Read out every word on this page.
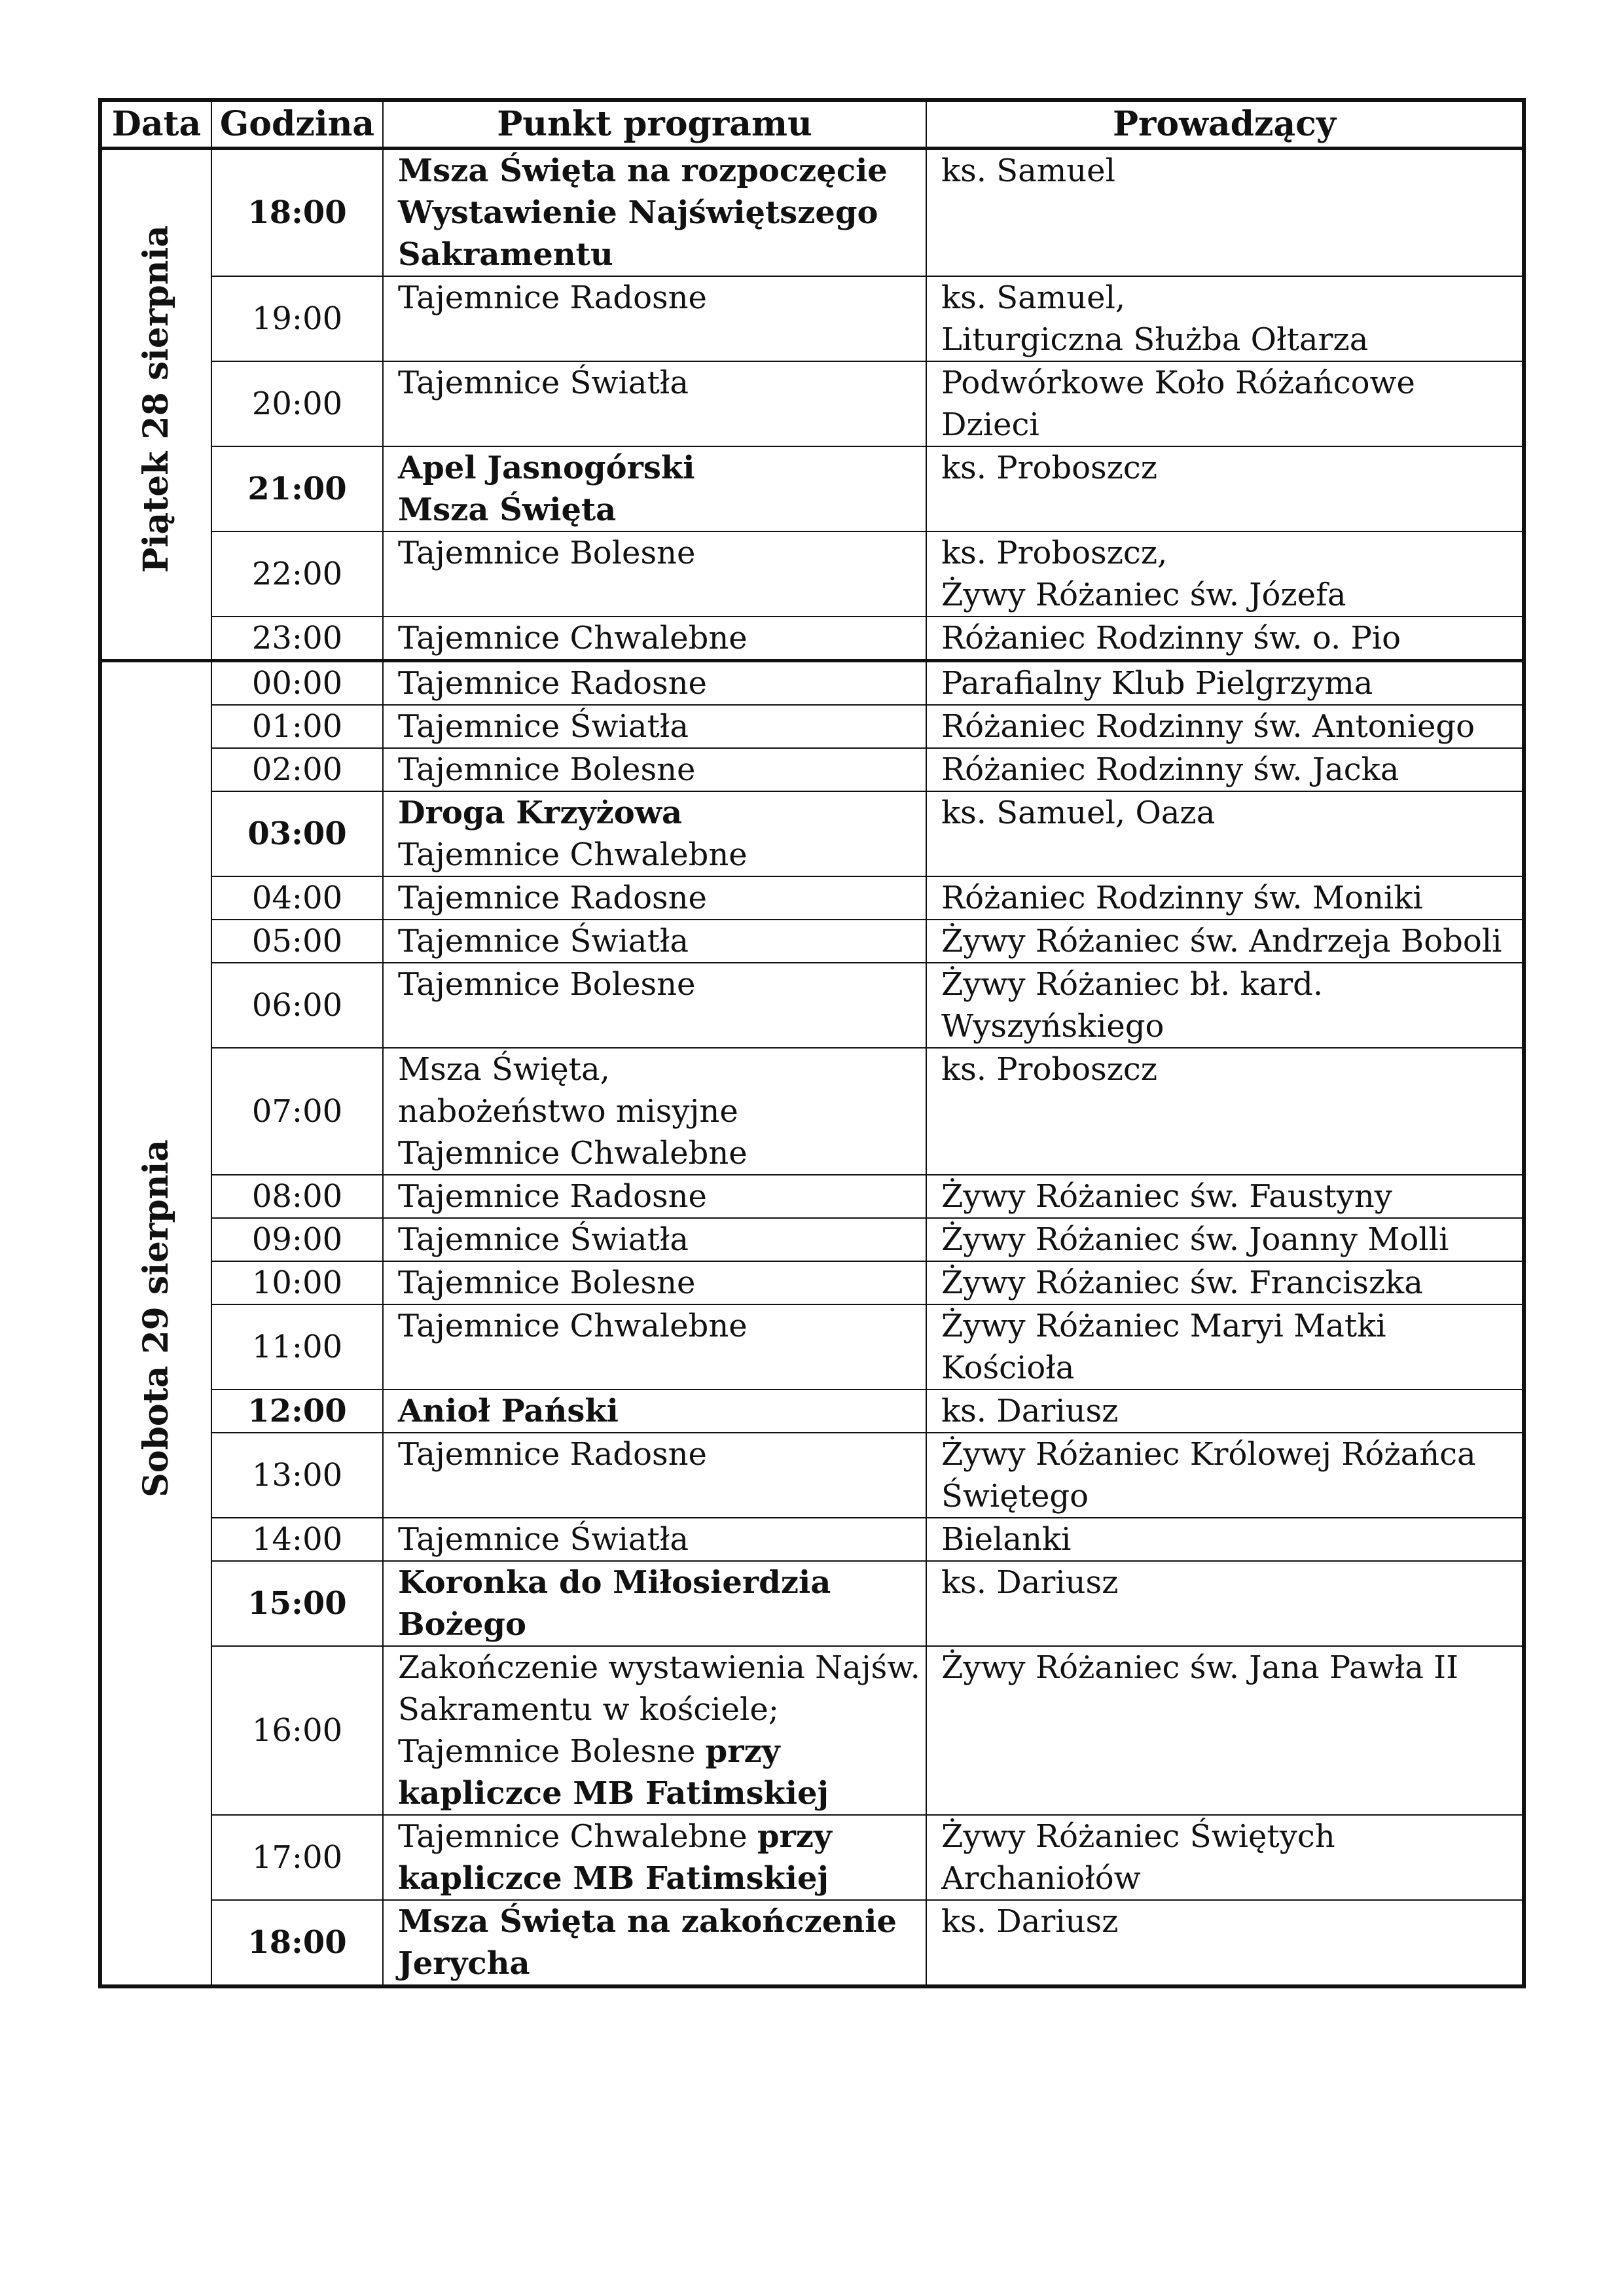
Data	Godzina	Punkt programu	Prowadzący
Piątek 28 sierpnia	18:00	Msza Święta na rozpoczęcie
Wystawienie Najświętszego
Sakramentu	ks. Samuel

	19:00	Tajemnice Radosne	ks. Samuel,
Liturgiczna Służba Ołtarza

	20:00	Tajemnice Światła	Podwórkowe Koło Różańcowe Dzieci

	21:00	Apel Jasnogórski
Msza Święta	ks. Proboszcz

	22:00	Tajemnice Bolesne	ks. Proboszcz,
Żywy Różaniec św. Józefa

	23:00	Tajemnice Chwalebne	Różaniec Rodzinny św. o. Pio

Sobota 29 sierpnia	00:00	Tajemnice Radosne	Parafialny Klub Pielgrzyma

	01:00	Tajemnice Światła	Różaniec Rodzinny św. Antoniego

	02:00	Tajemnice Bolesne	Różaniec Rodzinny św. Jacka

	03:00	Droga Krzyżowa
Tajemnice Chwalebne	ks. Samuel, Oaza

	04:00	Tajemnice Radosne	Różaniec Rodzinny św. Moniki

	05:00	Tajemnice Światła	Żywy Różaniec św. Andrzeja Boboli

	06:00	Tajemnice Bolesne	Żywy Różaniec bł. kard.
Wyszyńskiego

	07:00	Msza Święta,
nabożeństwo misyjne
Tajemnice Chwalebne	ks. Proboszcz

	08:00	Tajemnice Radosne	Żywy Różaniec św. Faustyny

	09:00	Tajemnice Światła	Żywy Różaniec św. Joanny Molli

	10:00	Tajemnice Bolesne	Żywy Różaniec św. Franciszka

	11:00	Tajemnice Chwalebne	Żywy Różaniec Maryi Matki Kościoła

	12:00	Anioł Pański	ks. Dariusz

	13:00	Tajemnice Radosne	Żywy Różaniec Królowej Różańca
Świętego

	14:00	Tajemnice Światła	Bielanki

	15:00	Koronka do Miłosierdzia
Bożego	ks. Dariusz

	16:00	Zakończenie wystawienia Najśw.
Sakramentu w kościele;
Tajemnice Bolesne przy
kapliczce MB Fatimskiej	Żywy Różaniec św. Jana Pawła II

	17:00	Tajemnice Chwalebne przy
kapliczce MB Fatimskiej	Żywy Różaniec Świętych
Archaniołów

	18:00	Msza Święta na zakończenie
Jerycha	ks. Dariusz
